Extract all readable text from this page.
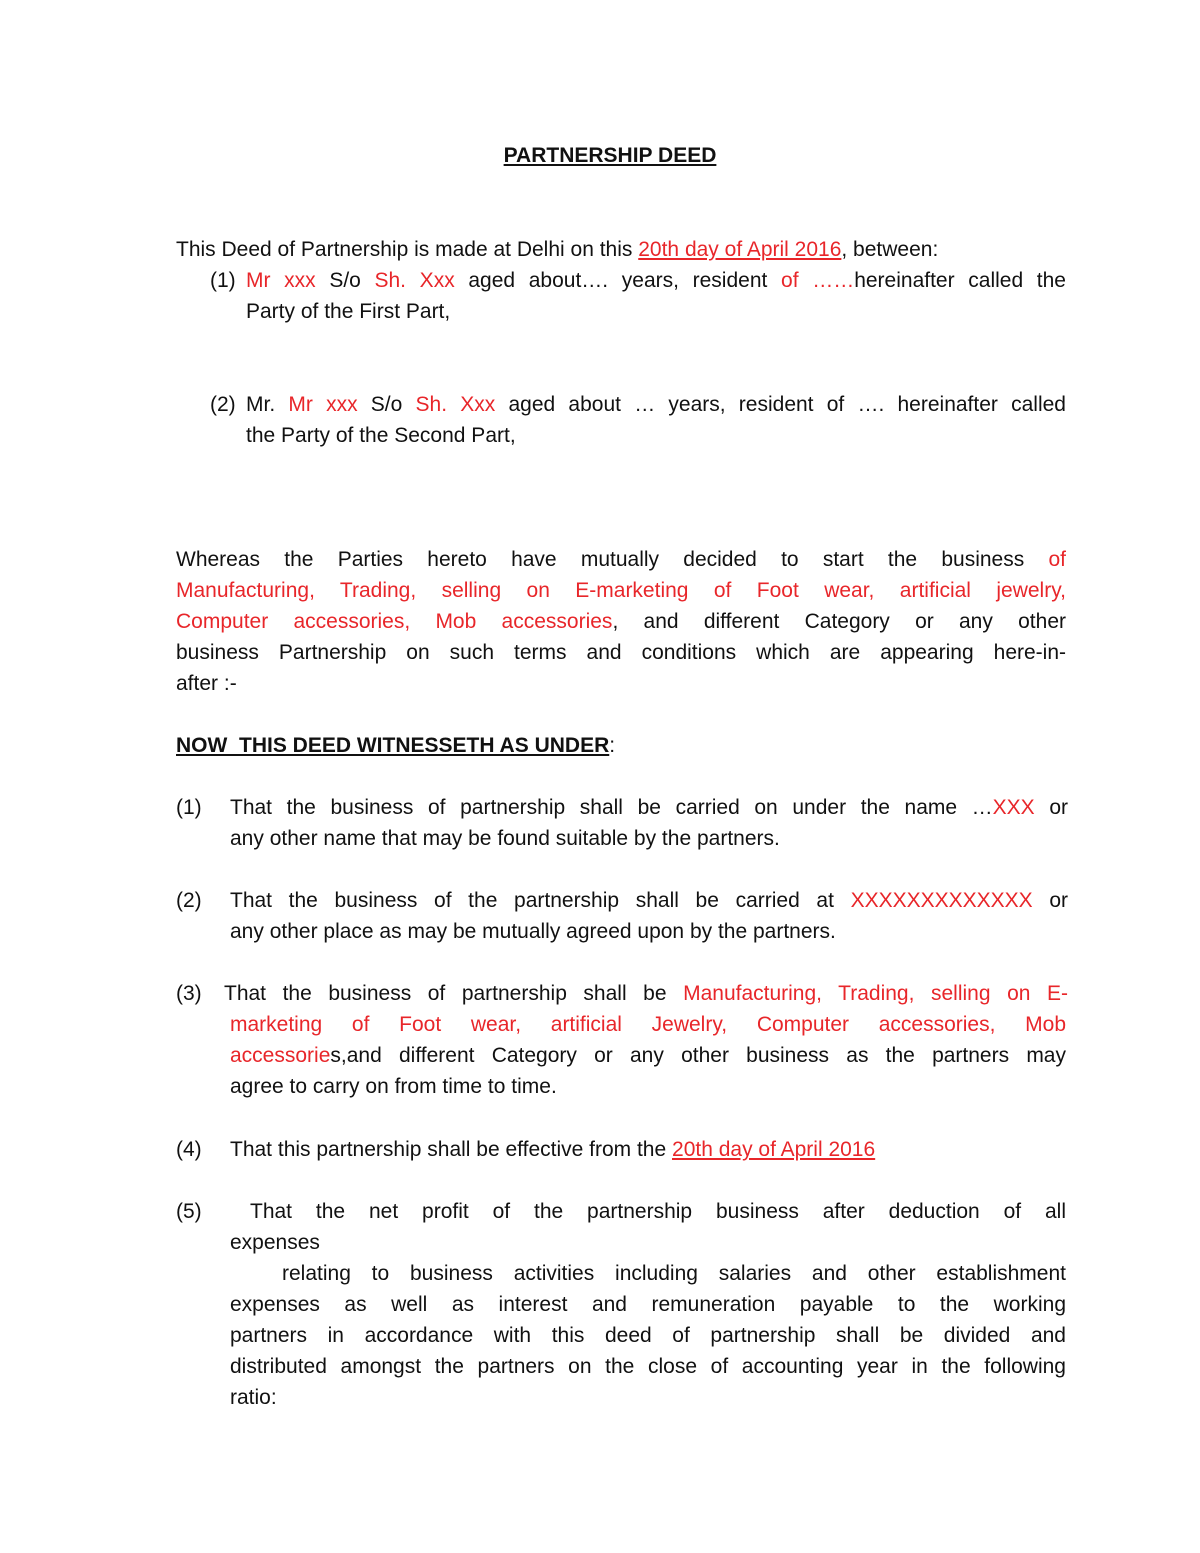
PARTNERSHIP DEED
This Deed of Partnership is made at Delhi on this 20th day of April 2016, between:
(1) Mr xxx S/o Sh. Xxx aged about…. years, resident of ……hereinafter called the
Party of the First Part,
(2) Mr. Mr xxx S/o Sh. Xxx aged about … years, resident of …. hereinafter called
the Party of the Second Part,
Whereas the Parties hereto have mutually decided to start the business of
Manufacturing, Trading, selling on E-marketing of Foot wear, artificial jewelry,
Computer accessories, Mob accessories, and different Category or any other
business Partnership on such terms and conditions which are appearing here-in-
after :-
NOW  THIS DEED WITNESSETH AS UNDER:
(1) That the business of partnership shall be carried on under the name …XXX or
any other name that may be found suitable by the partners.
(2) That the business of the partnership shall be carried at XXXXXXXXXXXXX or
any other place as may be mutually agreed upon by the partners.
(3) That the business of partnership shall be Manufacturing, Trading, selling on E-
marketing of Foot wear, artificial Jewelry, Computer accessories, Mob
accessories,and different Category or any other business as the partners may
agree to carry on from time to time.
(4) That this partnership shall be effective from the 20th day of April 2016
(5) That the net profit of the partnership business after deduction of all
expenses
relating to business activities including salaries and other establishment
expenses as well as interest and remuneration payable to the working
partners in accordance with this deed of partnership shall be divided and
distributed amongst the partners on the close of accounting year in the following
ratio:
